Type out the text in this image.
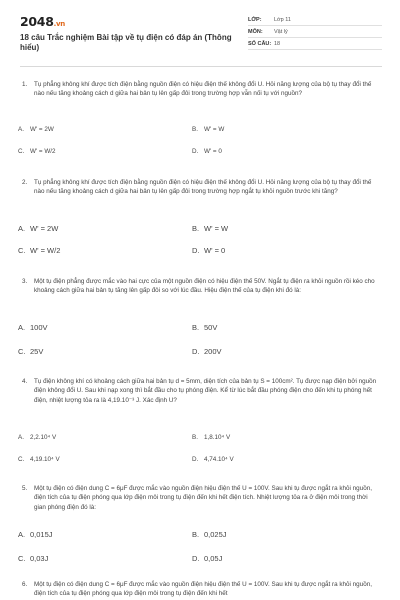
2048.vn
18 câu Trắc nghiệm Bài tập về tụ điện có đáp án (Thông hiểu)
LỚP:	Lớp 11
MÔN:	Vật lý
SỐ CÂU: 18
1.	Tụ phẳng không khí được tích điện bằng nguồn điện có hiệu điện thế không đổi U. Hỏi năng lượng của bộ tụ thay đổi thế nào nếu tăng khoảng cách d giữa hai bản tụ lên gấp đôi trong trường hợp vẫn nối tụ với nguồn?
A. W' = 2W	B. W' = W
C. W' = W/2	D. W' = 0
2.	Tụ phẳng không khí được tích điện bằng nguồn điện có hiệu điện thế không đổi U. Hỏi năng lượng của bộ tụ thay đổi thế nào nếu tăng khoảng cách d giữa hai bản tụ lên gấp đôi trong trường hợp ngắt tụ khỏi nguồn trước khi tăng?
A. W' = 2W	B. W' = W
C. W' = W/2	D. W' = 0
3.	Một tụ điện phẳng được mắc vào hai cực của một nguồn điện có hiệu điện thế 50V. Ngắt tụ điện ra khỏi nguồn rồi kéo cho khoảng cách giữa hai bản tụ tăng lên gấp đôi so với lúc đầu. Hiệu điện thế của tụ điện khi đó là:
A. 100V	B. 50V
C. 25V	D. 200V
4.	Tụ điện không khí có khoảng cách giữa hai bản tụ d = 5mm, diện tích của bản tụ S = 100cm². Tụ được nạp điện bởi nguồn điện không đổi U. Sau khi nạp xong thì bắt đầu cho tụ phóng điện. Kể từ lúc bắt đầu phóng điện cho đến khi tụ phóng hết điện, nhiệt lượng tỏa ra là 4,19.10⁻³ J. Xác định U?
A. 2,2.10⁴ V	B. 1,8.10⁴ V
C. 4,19.10⁴ V	D. 4,74.10⁴ V
5.	Một tụ điện có điện dung C = 6μF được mắc vào nguồn điện hiệu điện thế U = 100V. Sau khi tụ được ngắt ra khỏi nguồn, điện tích của tụ điện phóng qua lớp điện môi trong tụ điện đến khi hết điện tích. Nhiệt lượng tỏa ra ở điện môi trong thời gian phóng điện đó là:
A. 0,015J	B. 0,025J
C. 0,03J	D. 0,05J
6.	Một tụ điện có điện dung C = 6μF được mắc vào nguồn điện hiệu điện thế U = 100V. Sau khi tụ được ngắt ra khỏi nguồn, điện tích của tụ điện phóng qua lớp điện môi trong tụ điện đến khi hết
